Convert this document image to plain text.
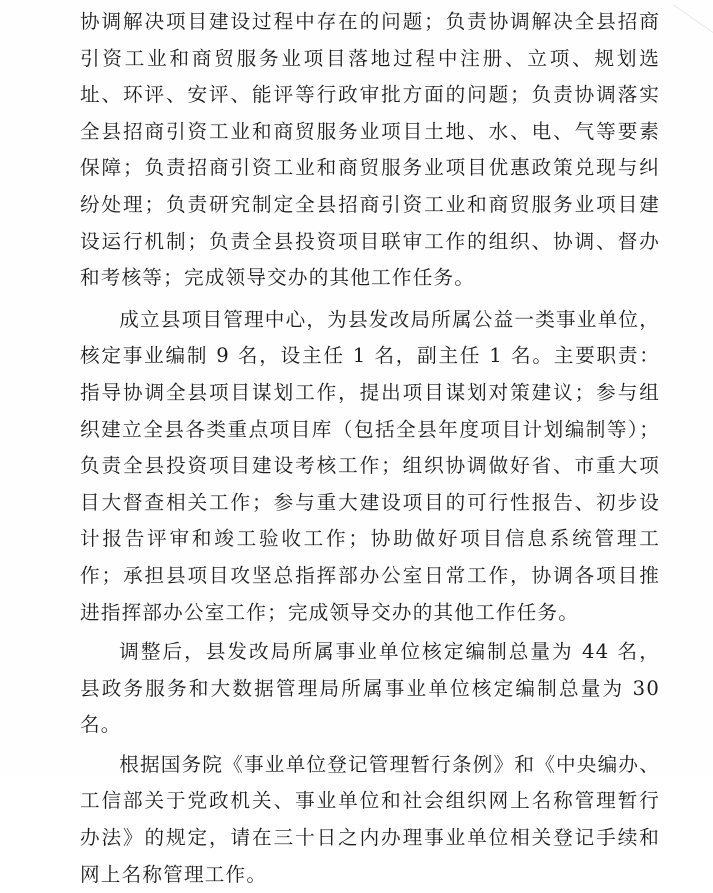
协调解决项目建设过程中存在的问题；负责协调解决全县招商引资工业和商贸服务业项目落地过程中注册、立项、规划选址、环评、安评、能评等行政审批方面的问题；负责协调落实全县招商引资工业和商贸服务业项目土地、水、电、气等要素保障；负责招商引资工业和商贸服务业项目优惠政策兑现与纠纷处理；负责研究制定全县招商引资工业和商贸服务业项目建设运行机制；负责全县投资项目联审工作的组织、协调、督办和考核等；完成领导交办的其他工作任务。

成立县项目管理中心，为县发改局所属公益一类事业单位，核定事业编制 9 名，设主任 1 名，副主任 1 名。主要职责：指导协调全县项目谋划工作，提出项目谋划对策建议；参与组织建立全县各类重点项目库（包括全县年度项目计划编制等）；负责全县投资项目建设考核工作；组织协调做好省、市重大项目大督查相关工作；参与重大建设项目的可行性报告、初步设计报告评审和竣工验收工作；协助做好项目信息系统管理工作；承担县项目攻坚总指挥部办公室日常工作，协调各项目推进指挥部办公室工作；完成领导交办的其他工作任务。

调整后，县发改局所属事业单位核定编制总量为 44 名，县政务服务和大数据管理局所属事业单位核定编制总量为 30 名。

根据国务院《事业单位登记管理暂行条例》和《中央编办、工信部关于党政机关、事业单位和社会组织网上名称管理暂行办法》的规定，请在三十日之内办理事业单位相关登记手续和网上名称管理工作。
